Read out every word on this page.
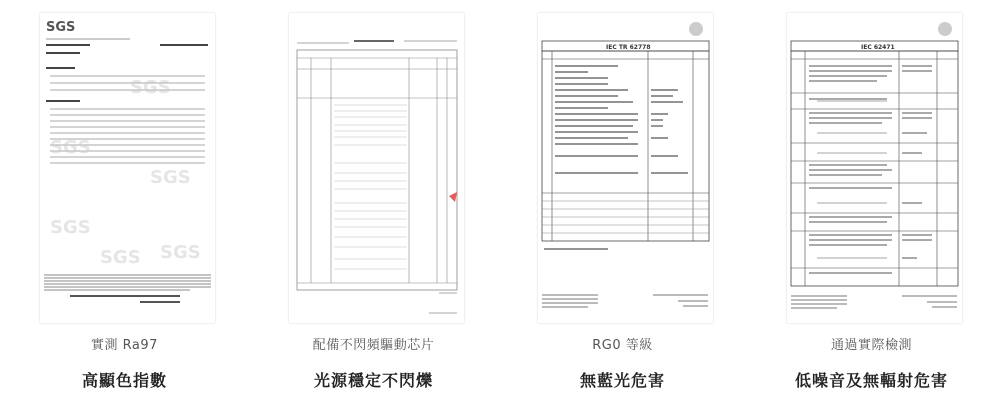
SGS
SGS
SGS
SGS
SGS
SGS SGS
實測 Ra97
高顯色指數
配備不閃頻驅動芯片
光源穩定不閃爍
IEC TR 62778
RG0 等級
無藍光危害
IEC 62471
通過實際檢測
低噪音及無輻射危害
